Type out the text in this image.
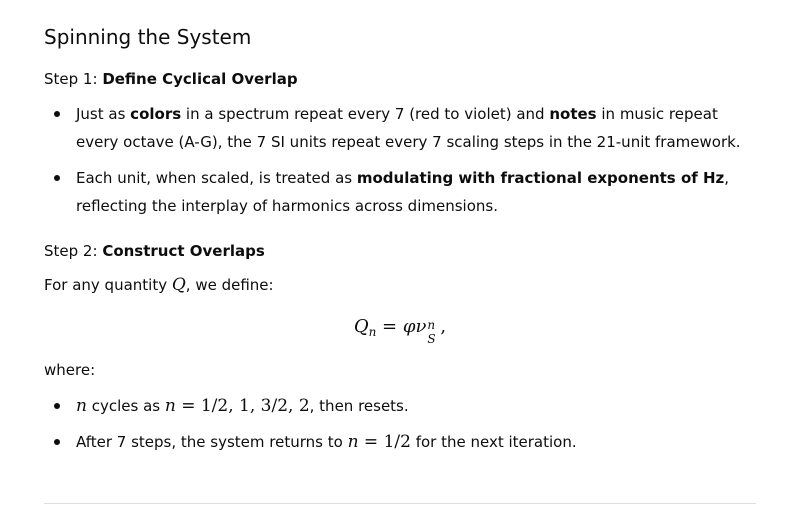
Spinning the System
Step 1: Define Cyclical Overlap
Just as colors in a spectrum repeat every 7 (red to violet) and notes in music repeat every octave (A-G), the 7 SI units repeat every 7 scaling steps in the 21-unit framework.
Each unit, when scaled, is treated as modulating with fractional exponents of Hz, reflecting the interplay of harmonics across dimensions.
Step 2: Construct Overlaps

For any quantity Q, we define:

$Q_n = \varphi\nu$ n
S
,

where:

n cycles as n = 1/2, 1, 3/2, 2, then resets.
After 7 steps, the system returns to n = 1/2 for the next iteration.
